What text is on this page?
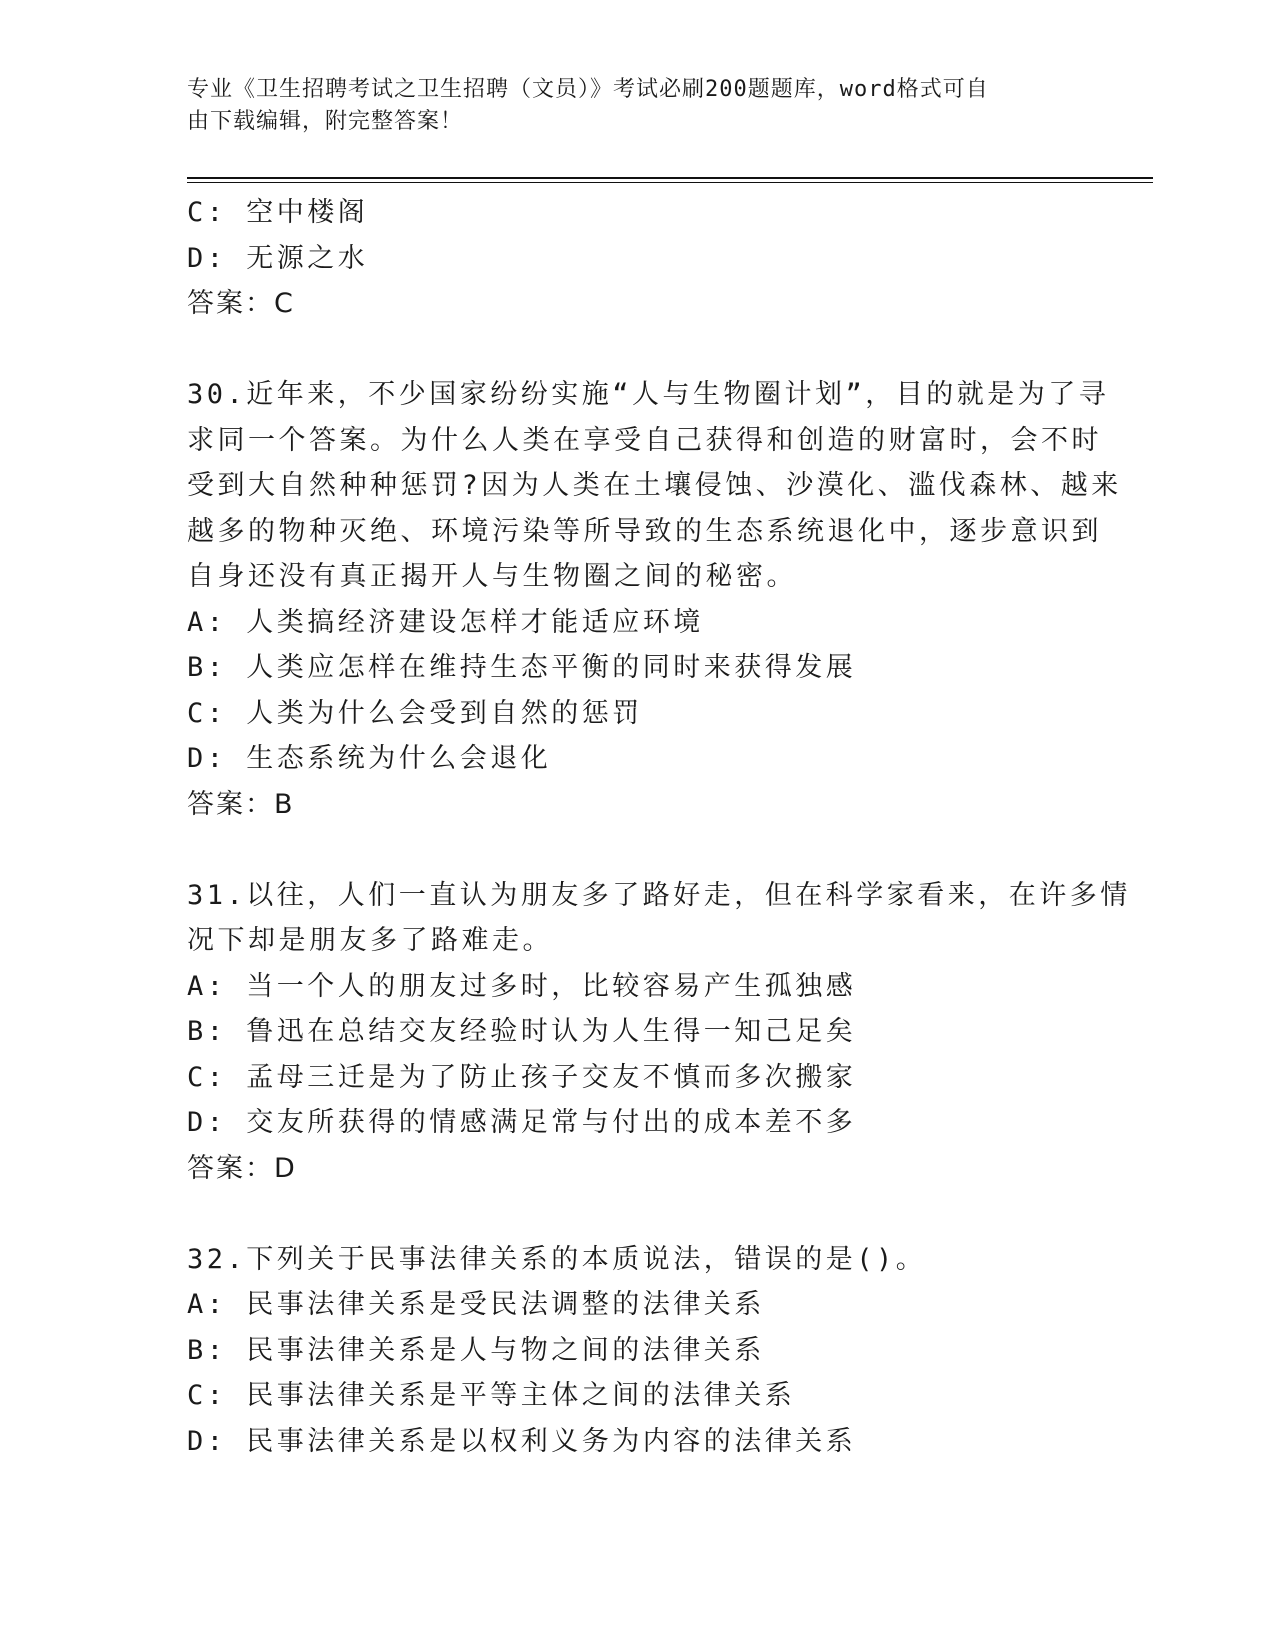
专业《卫生招聘考试之卫生招聘（文员）》考试必刷200题题库，word格式可自
由下载编辑，附完整答案！
C: 空中楼阁
D: 无源之水
答案：C
30.近年来，不少国家纷纷实施“人与生物圈计划”，目的就是为了寻
求同一个答案。为什么人类在享受自己获得和创造的财富时，会不时
受到大自然种种惩罚?因为人类在土壤侵蚀、沙漠化、滥伐森林、越来
越多的物种灭绝、环境污染等所导致的生态系统退化中，逐步意识到
自身还没有真正揭开人与生物圈之间的秘密。
A: 人类搞经济建设怎样才能适应环境
B: 人类应怎样在维持生态平衡的同时来获得发展
C: 人类为什么会受到自然的惩罚
D: 生态系统为什么会退化
答案：B
31.以往，人们一直认为朋友多了路好走，但在科学家看来，在许多情
况下却是朋友多了路难走。
A: 当一个人的朋友过多时，比较容易产生孤独感
B: 鲁迅在总结交友经验时认为人生得一知己足矣
C: 孟母三迁是为了防止孩子交友不慎而多次搬家
D: 交友所获得的情感满足常与付出的成本差不多
答案：D
32.下列关于民事法律关系的本质说法，错误的是()。
A: 民事法律关系是受民法调整的法律关系
B: 民事法律关系是人与物之间的法律关系
C: 民事法律关系是平等主体之间的法律关系
D: 民事法律关系是以权利义务为内容的法律关系
